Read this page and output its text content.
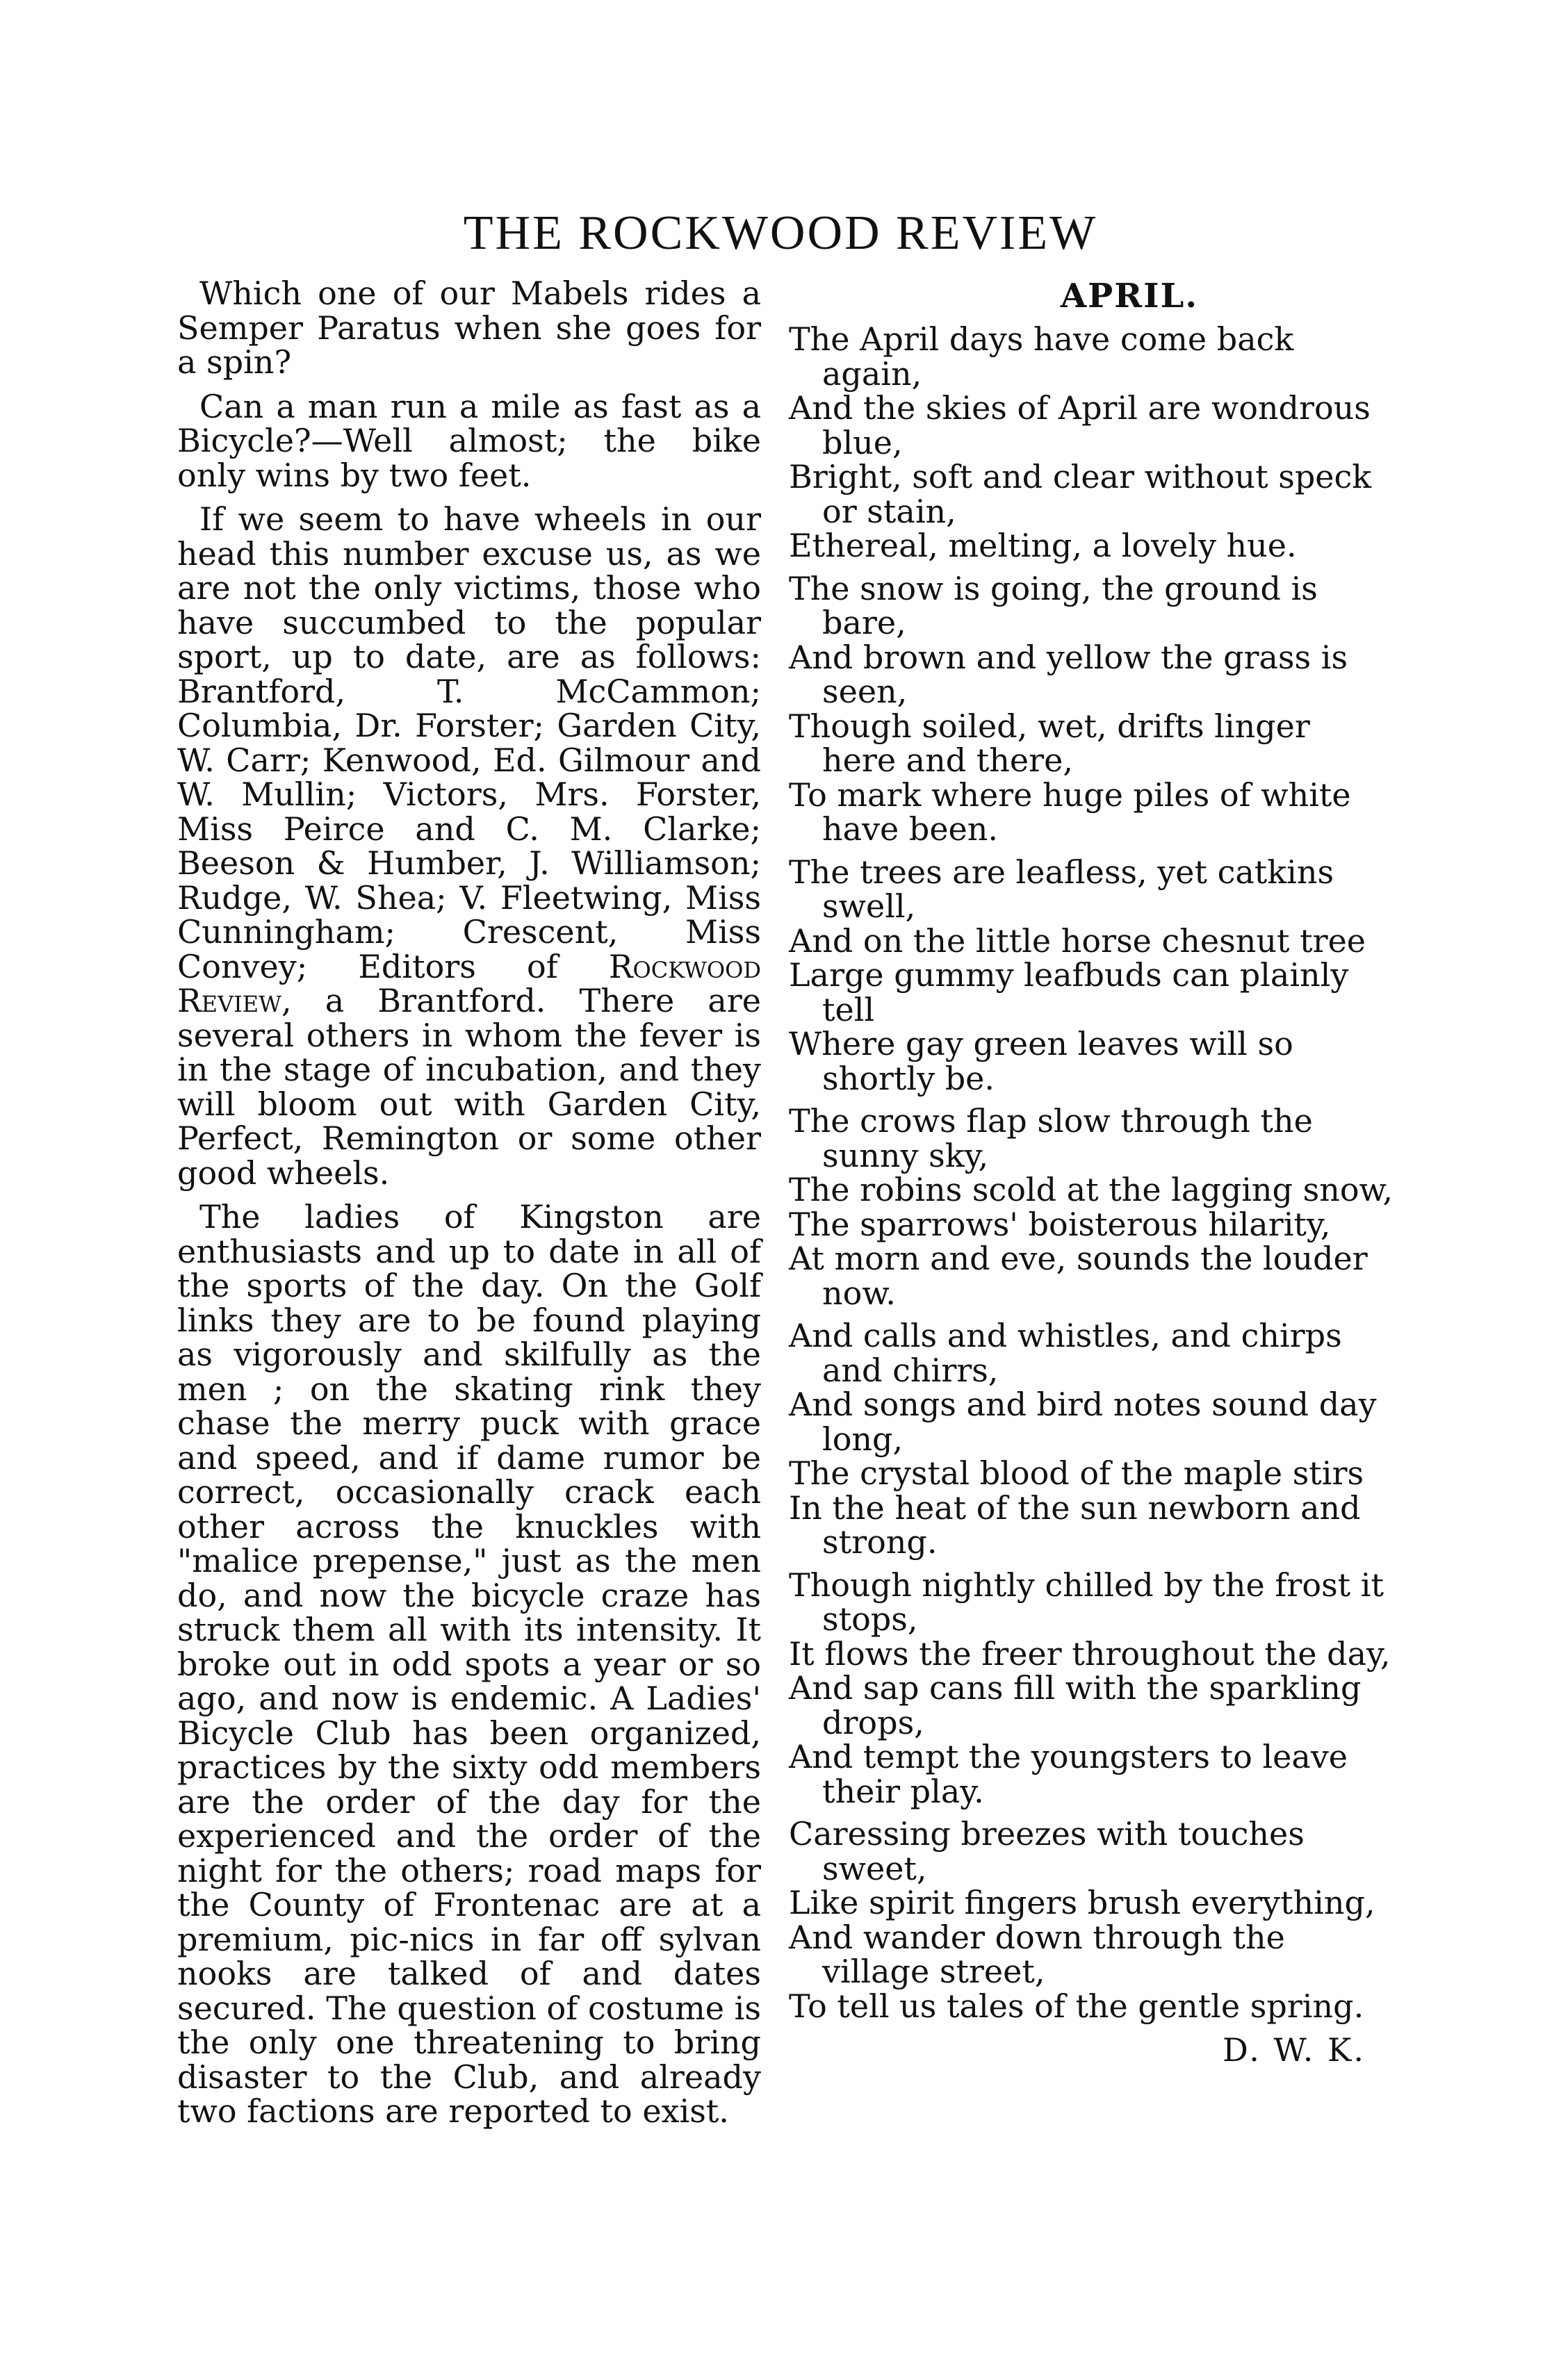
THE ROCKWOOD REVIEW

Which one of our Mabels rides a Semper Paratus when she goes for a spin?

Can a man run a mile as fast as a Bicycle?—Well almost; the bike only wins by two feet.

If we seem to have wheels in our head this number excuse us, as we are not the only victims, those who have succumbed to the popular sport, up to date, are as follows: Brantford, T. McCammon; Columbia, Dr. Forster; Garden City, W. Carr; Kenwood, Ed. Gilmour and W. Mullin; Victors, Mrs. Forster, Miss Peirce and C. M. Clarke; Beeson & Humber, J. Williamson; Rudge, W. Shea; V. Fleetwing, Miss Cunningham; Crescent, Miss Convey; Editors of Rockwood Review, a Brantford. There are several others in whom the fever is in the stage of incubation, and they will bloom out with Garden City, Perfect, Remington or some other good wheels.

The ladies of Kingston are enthusiasts and up to date in all of the sports of the day. On the Golf links they are to be found playing as vigorously and skilfully as the men ; on the skating rink they chase the merry puck with grace and speed, and if dame rumor be correct, occasionally crack each other across the knuckles with "malice prepense," just as the men do, and now the bicycle craze has struck them all with its intensity. It broke out in odd spots a year or so ago, and now is endemic. A Ladies' Bicycle Club has been organized, practices by the sixty odd members are the order of the day for the experienced and the order of the night for the others; road maps for the County of Frontenac are at a premium, pic-nics in far off sylvan nooks are talked of and dates secured. The question of costume is the only one threatening to bring disaster to the Club, and already two factions are reported to exist.

APRIL.
The April days have come back again,
And the skies of April are wondrous blue,
Bright, soft and clear without speck or stain,
Ethereal, melting, a lovely hue.
The snow is going, the ground is bare,
And brown and yellow the grass is seen,
Though soiled, wet, drifts linger here and there,
To mark where huge piles of white have been.
The trees are leafless, yet catkins swell,
And on the little horse chesnut tree
Large gummy leafbuds can plainly tell
Where gay green leaves will so shortly be.
The crows flap slow through the sunny sky,
The robins scold at the lagging snow,
The sparrows' boisterous hilarity,
At morn and eve, sounds the louder now.
And calls and whistles, and chirps and chirrs,
And songs and bird notes sound day long,
The crystal blood of the maple stirs
In the heat of the sun newborn and strong.
Though nightly chilled by the frost it stops,
It flows the freer throughout the day,
And sap cans fill with the sparkling drops,
And tempt the youngsters to leave their play.
Caressing breezes with touches sweet,
Like spirit fingers brush everything,
And wander down through the village street,
To tell us tales of the gentle spring.
D. W. K.
